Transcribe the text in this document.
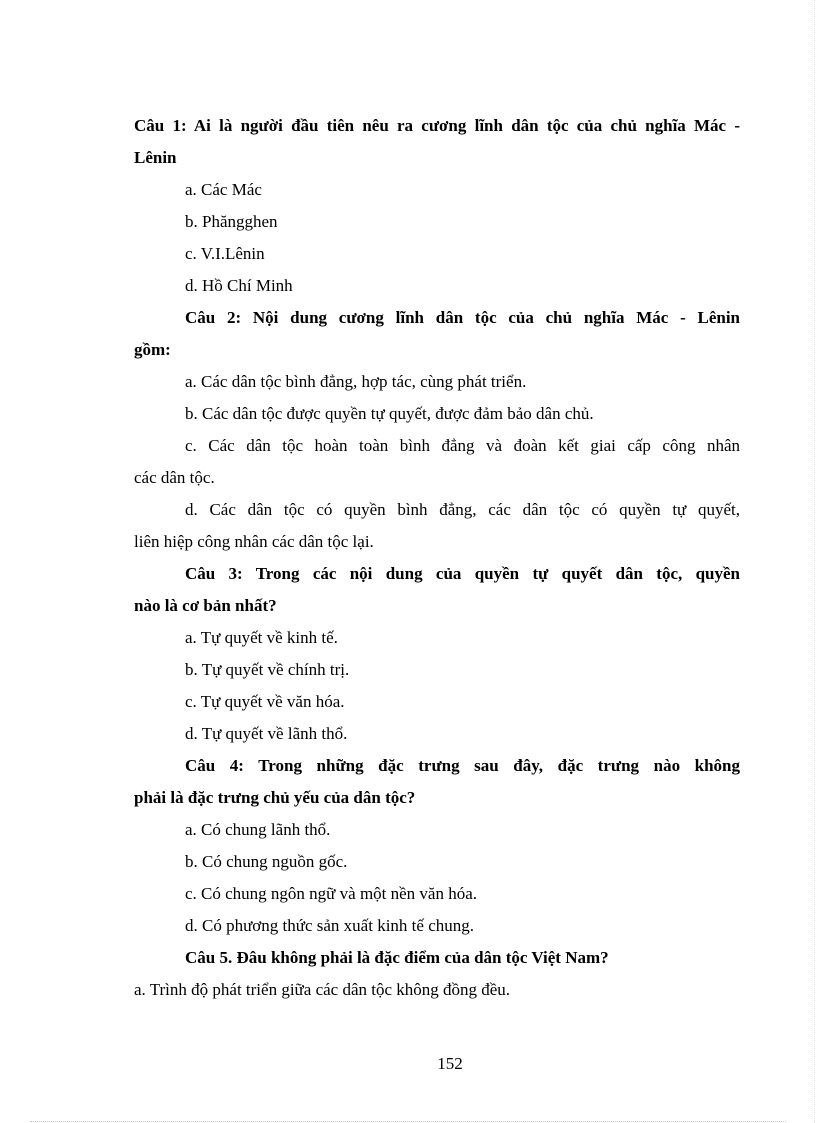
Câu 1: Ai là người đầu tiên nêu ra cương lĩnh dân tộc của chủ nghĩa Mác -
Lênin
a. Các Mác
b. Phăngghen
c. V.I.Lênin
d. Hồ Chí Minh
Câu 2: Nội dung cương lĩnh dân tộc của chủ nghĩa Mác - Lênin
gồm:
a. Các dân tộc bình đẳng, hợp tác, cùng phát triển.
b. Các dân tộc được quyền tự quyết, được đảm bảo dân chủ.
c. Các dân tộc hoàn toàn bình đẳng và đoàn kết giai cấp công nhân
các dân tộc.
d. Các dân tộc có quyền bình đẳng, các dân tộc có quyền tự quyết,
liên hiệp công nhân các dân tộc lại.
Câu 3: Trong các nội dung của quyền tự quyết dân tộc, quyền
nào là cơ bản nhất?
a. Tự quyết về kinh tế.
b. Tự quyết về chính trị.
c. Tự quyết về văn hóa.
d. Tự quyết về lãnh thổ.
Câu 4: Trong những đặc trưng sau đây, đặc trưng nào không
phải là đặc trưng chủ yếu của dân tộc?
a. Có chung lãnh thổ.
b. Có chung nguồn gốc.
c. Có chung ngôn ngữ và một nền văn hóa.
d. Có phương thức sản xuất kinh tế chung.
Câu 5. Đâu không phải là đặc điểm của dân tộc Việt Nam?
a. Trình độ phát triển giữa các dân tộc không đồng đều.
152
